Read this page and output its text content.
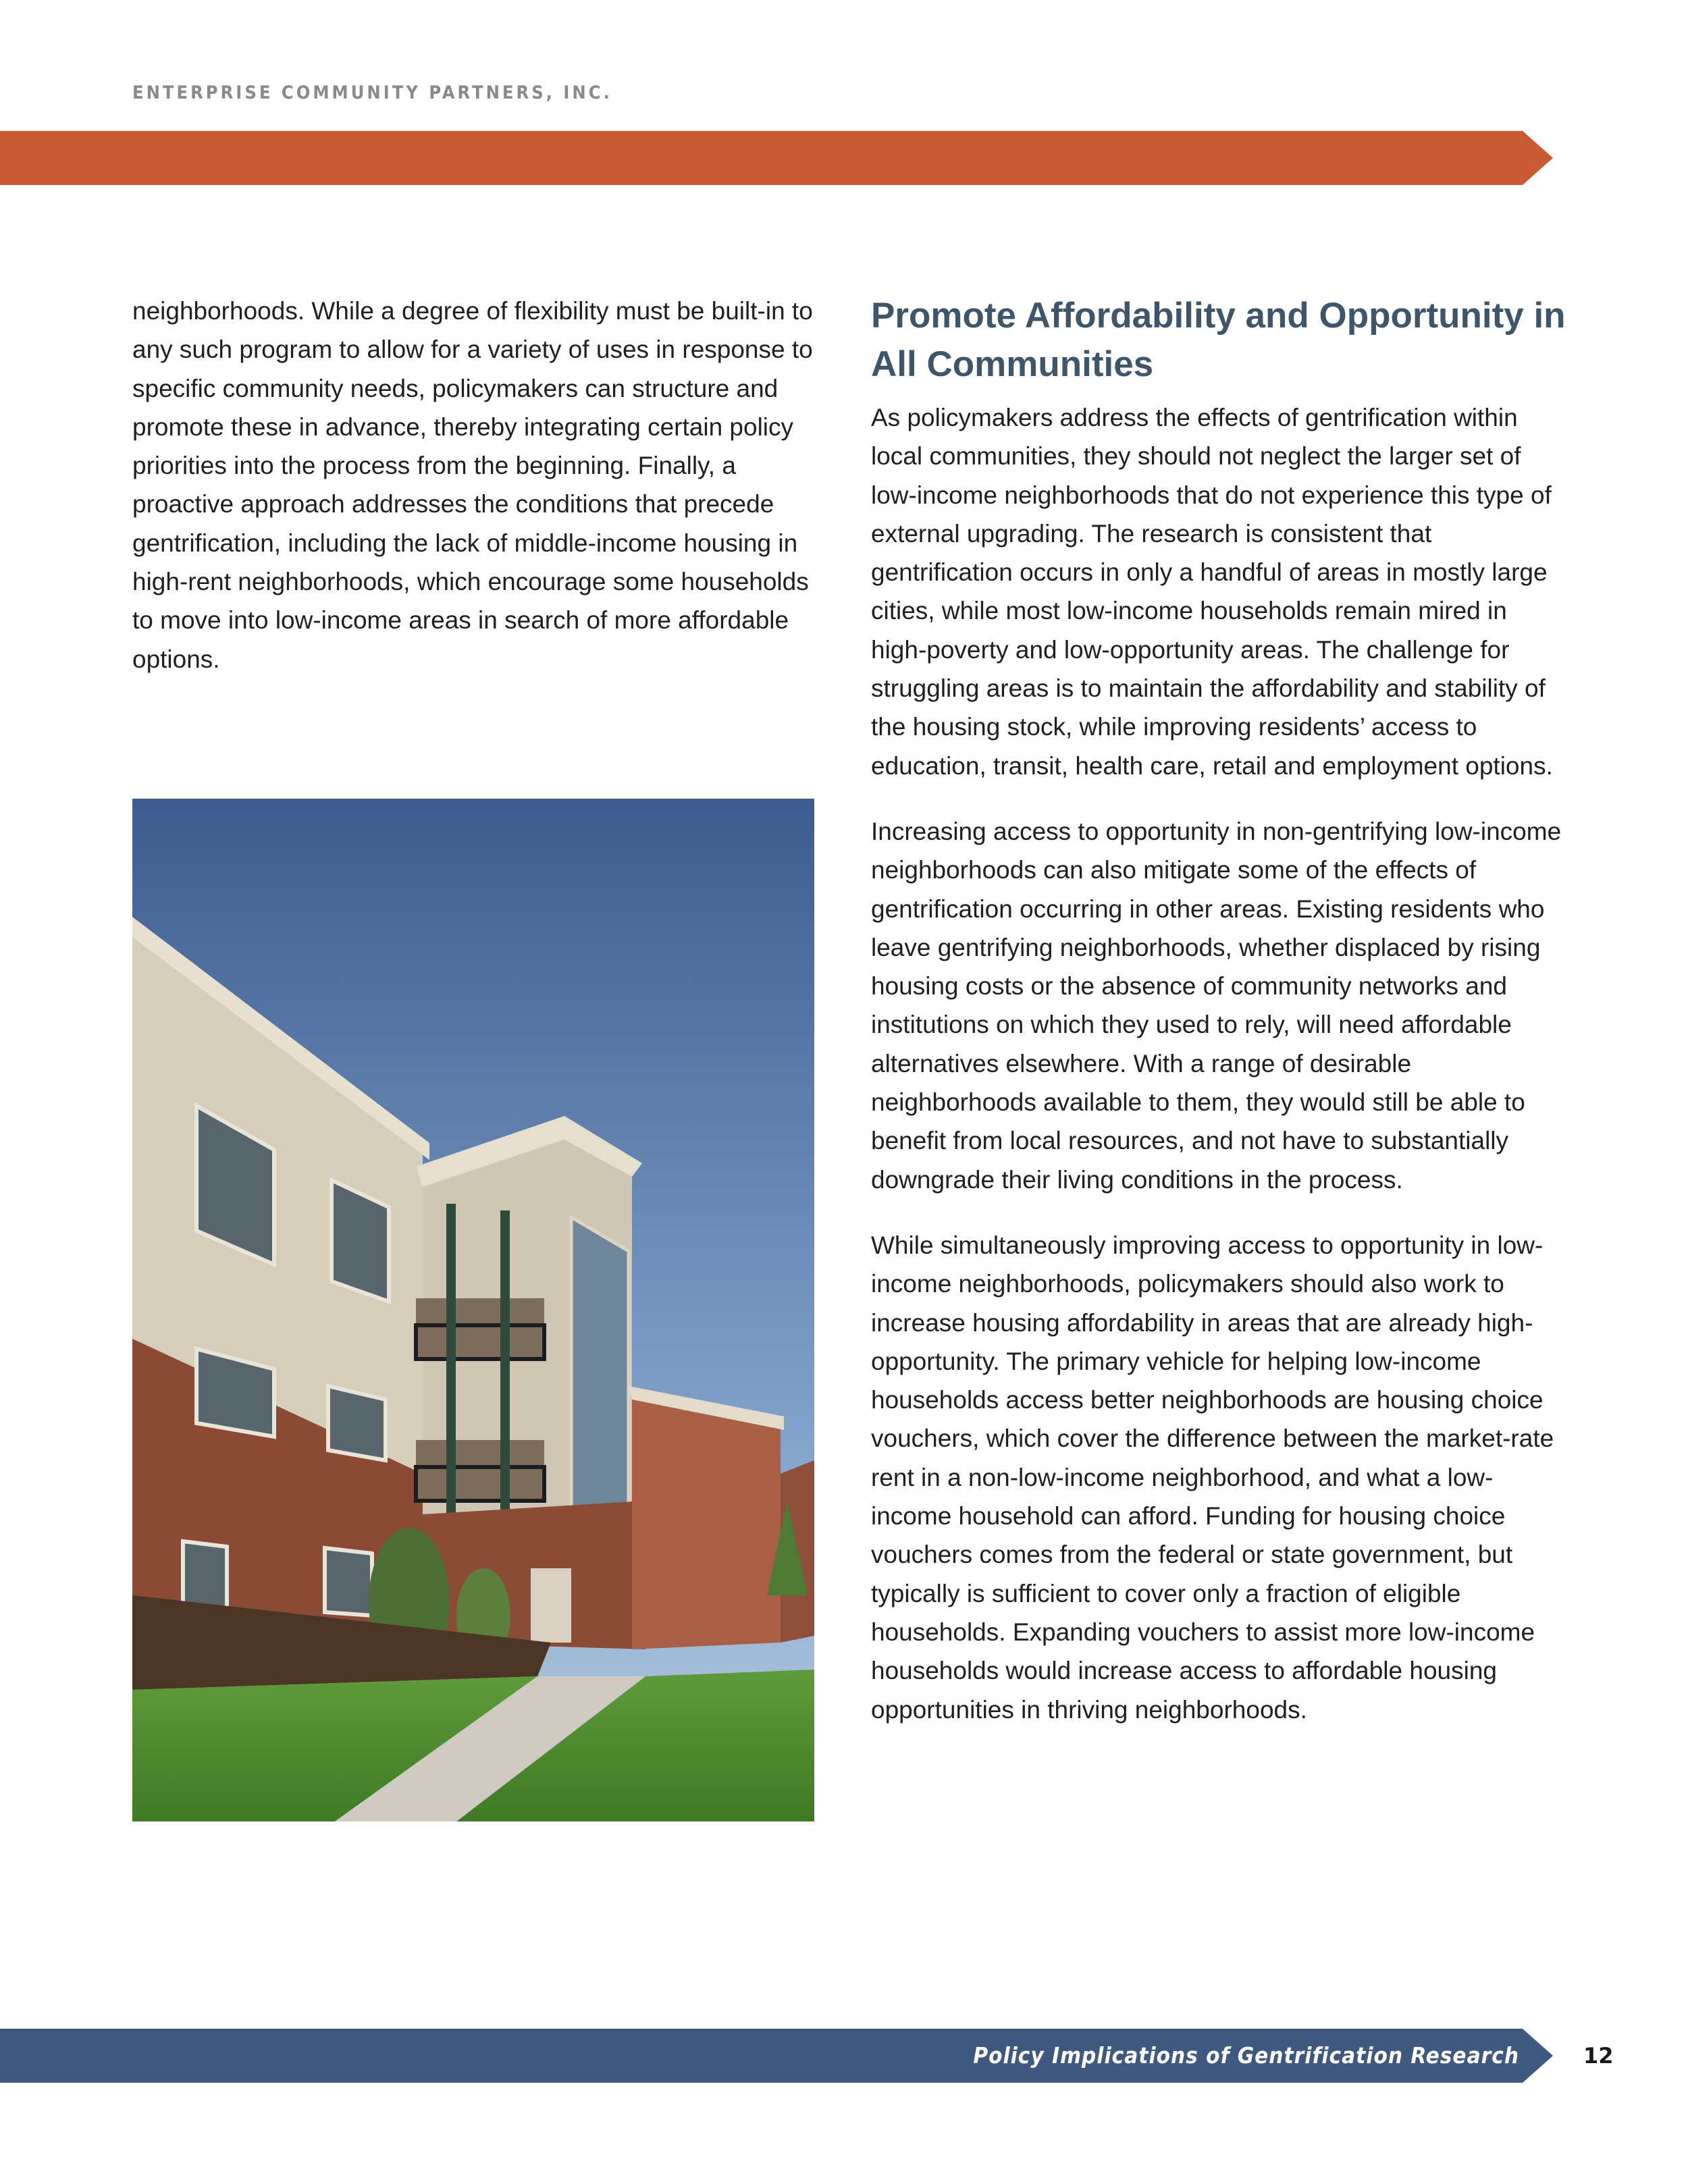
ENTERPRISE COMMUNITY PARTNERS, INC.

neighborhoods. While a degree of flexibility must be built-in to any such program to allow for a variety of uses in response to specific community needs, policymakers can structure and promote these in advance, thereby integrating certain policy priorities into the process from the beginning. Finally, a proactive approach addresses the conditions that precede gentrification, including the lack of middle-income housing in high-rent neighborhoods, which encourage some households to move into low-income areas in search of more affordable options.

Promote Affordability and Opportunity in All Communities

As policymakers address the effects of gentrification within local communities, they should not neglect the larger set of low-income neighborhoods that do not experience this type of external upgrading. The research is consistent that gentrification occurs in only a handful of areas in mostly large cities, while most low-income households remain mired in high-poverty and low-opportunity areas. The challenge for struggling areas is to maintain the affordability and stability of the housing stock, while improving residents’ access to education, transit, health care, retail and employment options.

Increasing access to opportunity in non-gentrifying low-income neighborhoods can also mitigate some of the effects of gentrification occurring in other areas. Existing residents who leave gentrifying neighborhoods, whether displaced by rising housing costs or the absence of community networks and institutions on which they used to rely, will need affordable alternatives elsewhere. With a range of desirable neighborhoods available to them, they would still be able to benefit from local resources, and not have to substantially downgrade their living conditions in the process.

While simultaneously improving access to opportunity in low-income neighborhoods, policymakers should also work to increase housing affordability in areas that are already high-opportunity. The primary vehicle for helping low-income households access better neighborhoods are housing choice vouchers, which cover the difference between the market-rate rent in a non-low-income neighborhood, and what a low-income household can afford. Funding for housing choice vouchers comes from the federal or state government, but typically is sufficient to cover only a fraction of eligible households. Expanding vouchers to assist more low-income households would increase access to affordable housing opportunities in thriving neighborhoods.

Policy Implications of Gentrification Research	12
